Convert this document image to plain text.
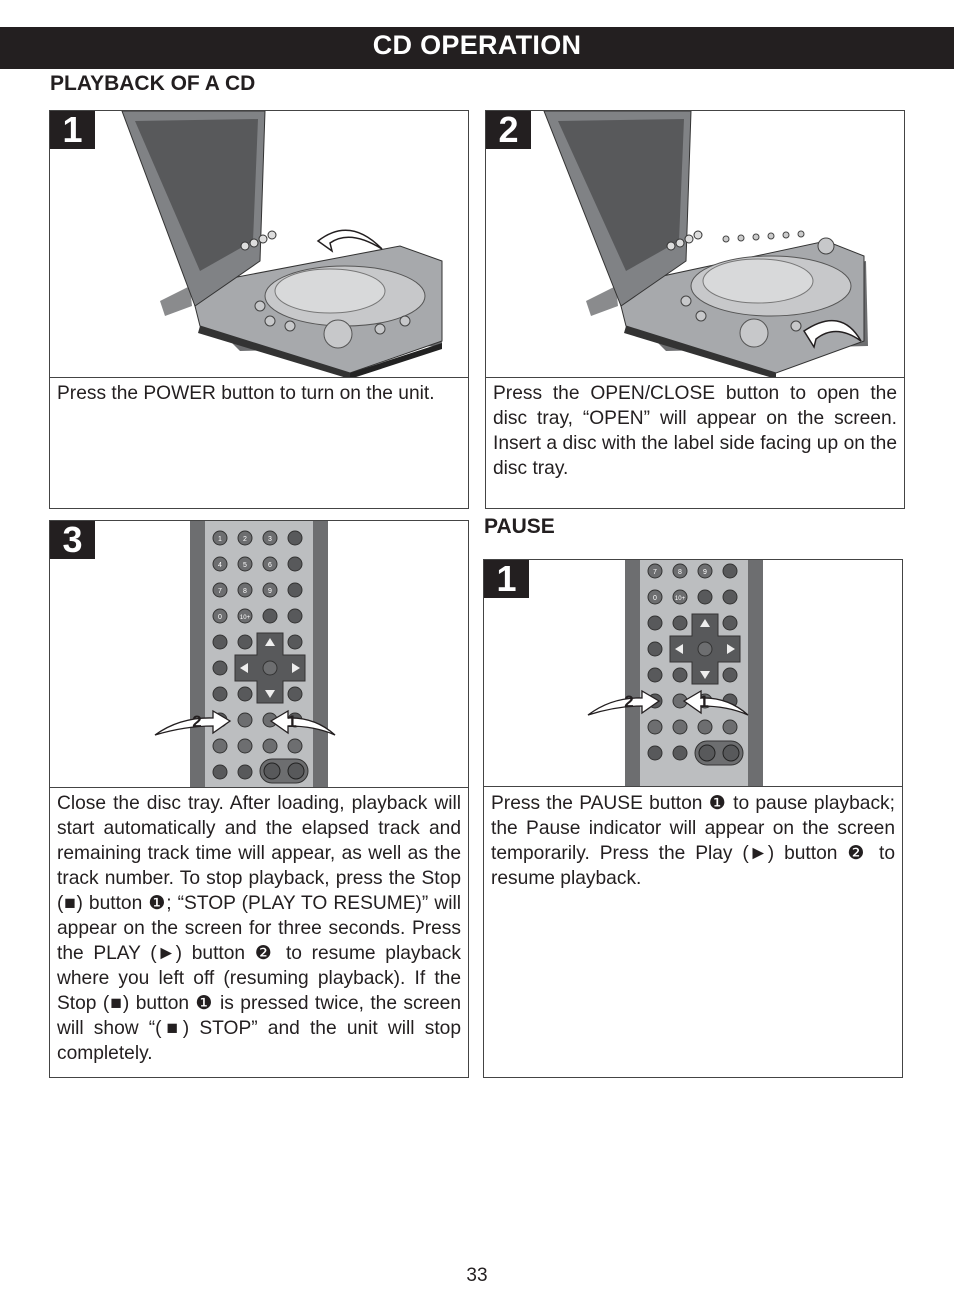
CD OPERATION
PLAYBACK OF A CD
PAUSE
1
Press the POWER button to turn on the unit.
2
Press the OPEN/CLOSE button to open the disc tray, “OPEN” will appear on the screen. Insert a disc with the label side facing up on the disc tray.
1	2	3
4	5	6
7	8	9
0	10+
2	1
3
Close the disc tray. After loading, playback will start automatically and the elapsed track and remaining track time will appear, as well as the track number. To stop playback, press the Stop (■) button ❶; “STOP (PLAY TO RESUME)” will appear on the screen for three seconds. Press the PLAY (►) button ❷ to resume playback where you left off (resuming playback). If the Stop (■) button ❶ is pressed twice, the screen will show “(■) STOP” and the unit will stop completely.
7	8	9
0	10+
2	1
1
Press the PAUSE button ❶ to pause playback; the Pause indicator will appear on the screen temporarily. Press the Play (►) button ❷ to resume playback.
33
